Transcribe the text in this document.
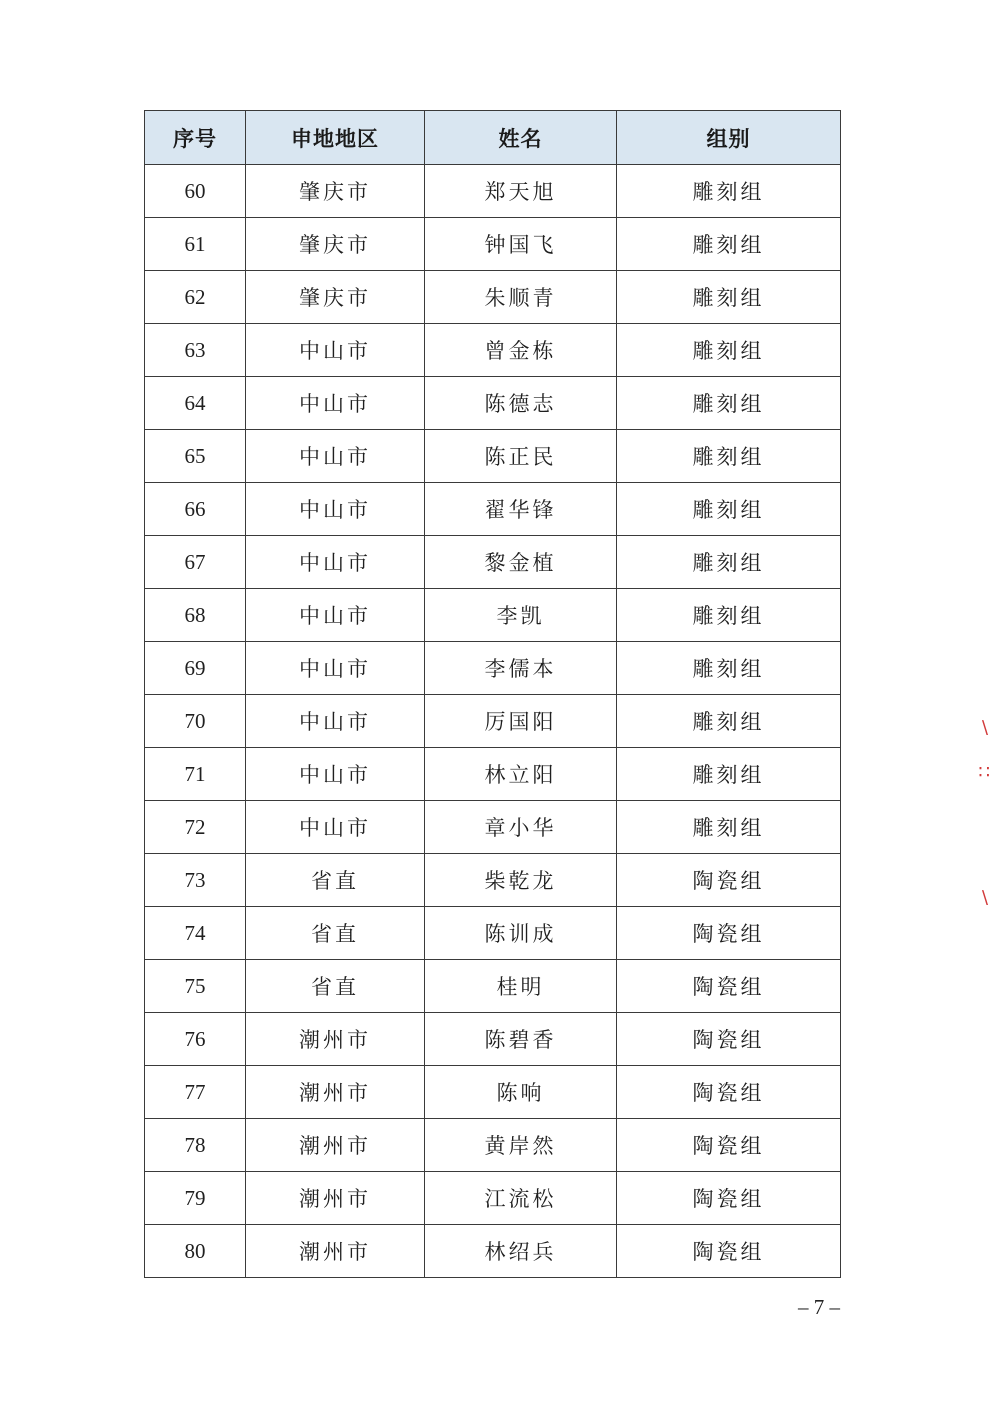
序号	申地地区	姓名	组别
60	肇庆市	郑天旭	雕刻组
61	肇庆市	钟国飞	雕刻组
62	肇庆市	朱顺青	雕刻组
63	中山市	曾金栋	雕刻组
64	中山市	陈德志	雕刻组
65	中山市	陈正民	雕刻组
66	中山市	翟华锋	雕刻组
67	中山市	黎金植	雕刻组
68	中山市	李凯	雕刻组
69	中山市	李儒本	雕刻组
70	中山市	厉国阳	雕刻组
71	中山市	林立阳	雕刻组
72	中山市	章小华	雕刻组
73	省直	柴乾龙	陶瓷组
74	省直	陈训成	陶瓷组
75	省直	桂明	陶瓷组
76	潮州市	陈碧香	陶瓷组
77	潮州市	陈响	陶瓷组
78	潮州市	黄岸然	陶瓷组
79	潮州市	江流松	陶瓷组
80	潮州市	林绍兵	陶瓷组
– 7 –
∖
∷
∖
